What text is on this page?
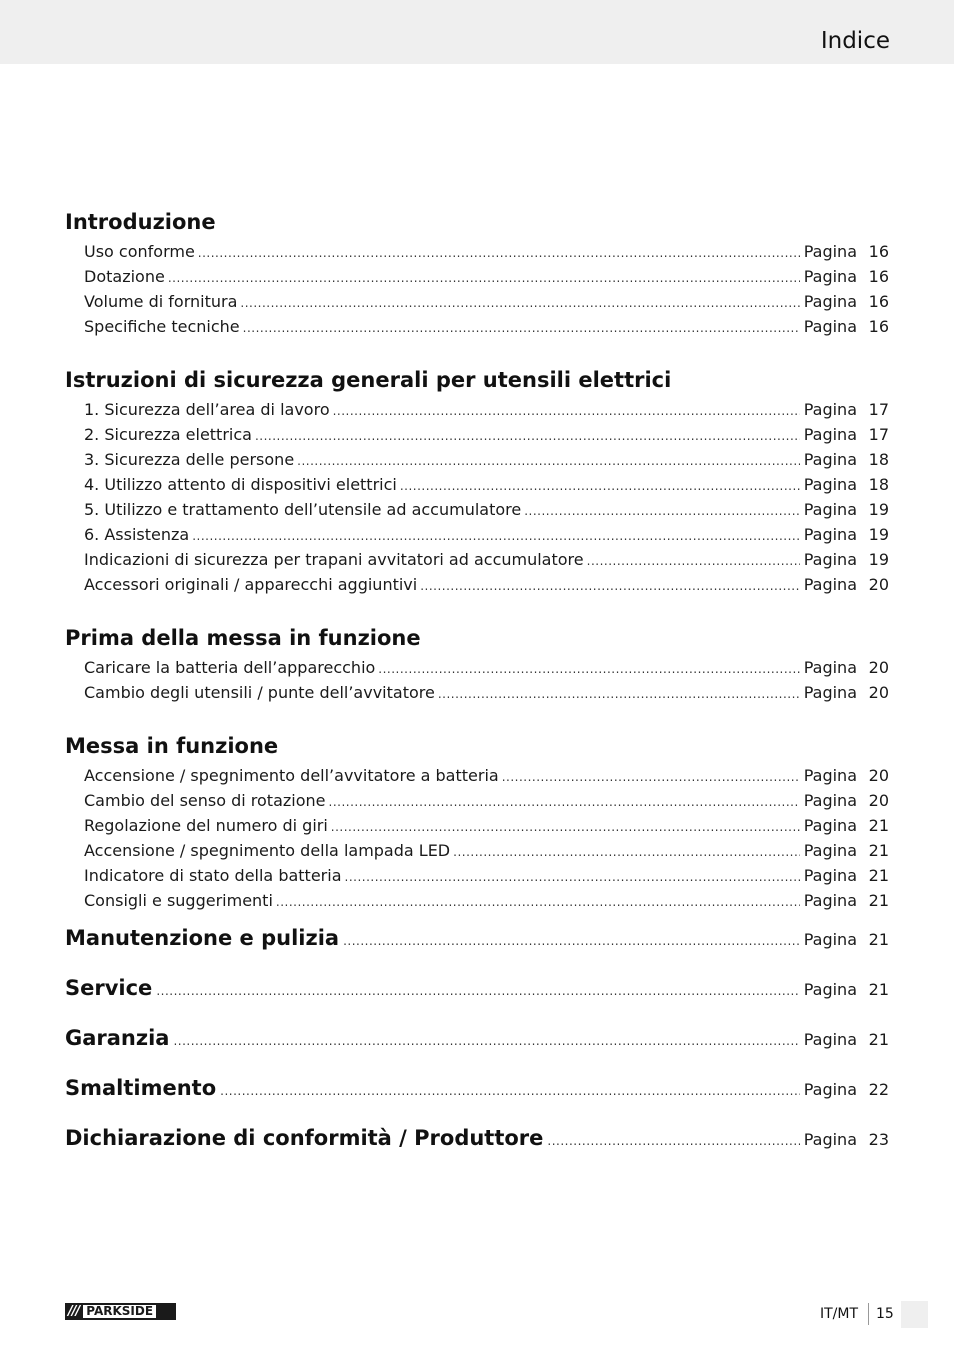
Indice
Introduzione
Uso conforme .....	Pagina 16
Dotazione .....	Pagina 16
Volume di fornitura .....	Pagina 16
Specifiche tecniche .....	Pagina 16
Istruzioni di sicurezza generali per utensili elettrici
1. Sicurezza dell’area di lavoro .....	Pagina 17
2. Sicurezza elettrica .....	Pagina 17
3. Sicurezza delle persone .....	Pagina 18
4. Utilizzo attento di dispositivi elettrici .....	Pagina 18
5. Utilizzo e trattamento dell’utensile ad accumulatore .....	Pagina 19
6. Assistenza .....	Pagina 19
Indicazioni di sicurezza per trapani avvitatori ad accumulatore .....	Pagina 19
Accessori originali / apparecchi aggiuntivi .....	Pagina 20
Prima della messa in funzione
Caricare la batteria dell’apparecchio .....	Pagina 20
Cambio degli utensili / punte dell’avvitatore .....	Pagina 20
Messa in funzione
Accensione / spegnimento dell’avvitatore a batteria .....	Pagina 20
Cambio del senso di rotazione .....	Pagina 20
Regolazione del numero di giri .....	Pagina 21
Accensione / spegnimento della lampada LED .....	Pagina 21
Indicatore di stato della batteria .....	Pagina 21
Consigli e suggerimenti .....	Pagina 21
Manutenzione e pulizia .....	Pagina 21
Service .....	Pagina 21
Garanzia .....	Pagina 21
Smaltimento .....	Pagina 22
Dichiarazione di conformità / Produttore .....	Pagina 23
/// PARKSIDE	IT/MT 15
